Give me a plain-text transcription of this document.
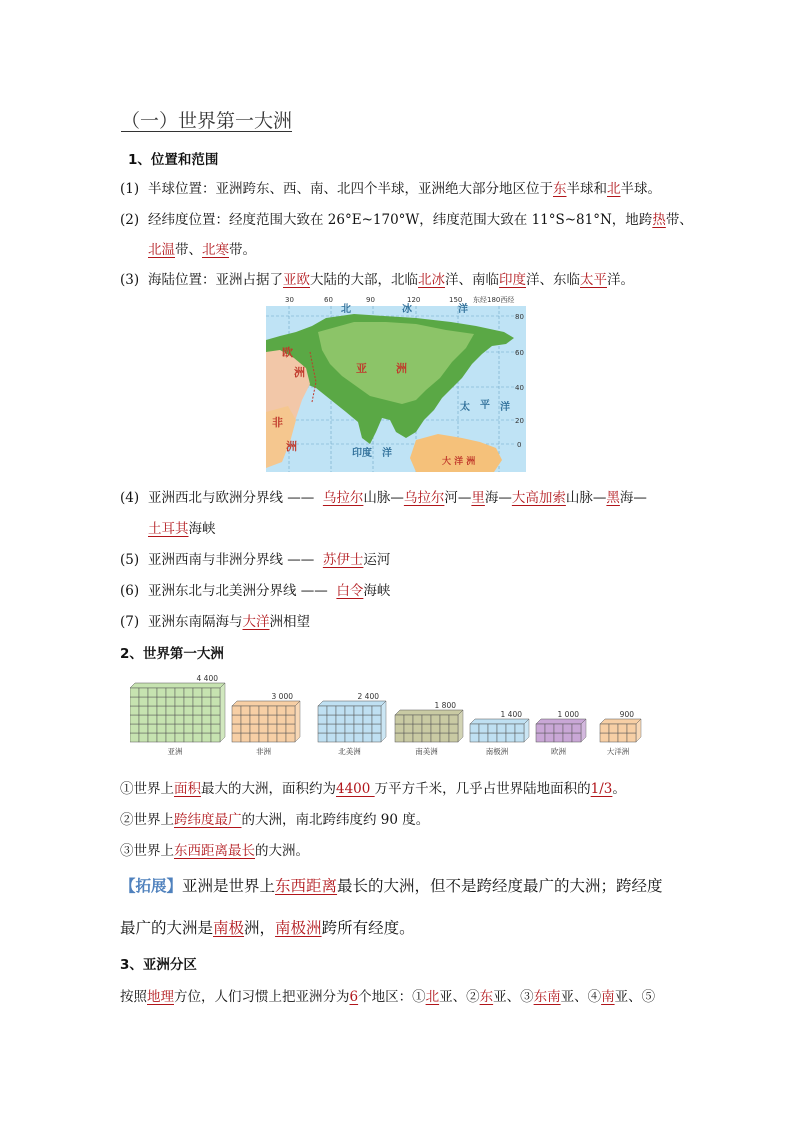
（一）世界第一大洲
1、位置和范围
(1) 半球位置：亚洲跨东、西、南、北四个半球，亚洲绝大部分地区位于东半球和北半球。
(2) 经纬度位置：经度范围大致在 26°E~170°W，纬度范围大致在 11°S~81°N，地跨热带、
北温带、北寒带。
(3) 海陆位置：亚洲占据了亚欧大陆的大部，北临北冰洋、南临印度洋、东临太平洋。
30	60	90	120	150 东经180西经
80
60
40
20
0
北	冰	洋
太 平 洋
印度 洋
亚	洲
欧
洲
非
洲
大 洋 洲
(4) 亚洲西北与欧洲分界线 —— 乌拉尔山脉—乌拉尔河—里海—大高加索山脉—黑海—
土耳其海峡
(5) 亚洲西南与非洲分界线 —— 苏伊士运河
(6) 亚洲东北与北美洲分界线 —— 白令海峡
(7) 亚洲东南隔海与大洋洲相望
2、世界第一大洲
4 400
亚洲
3 000
非洲
2 400
北美洲
1 800
南美洲
1 400
南极洲
1 000
欧洲
900
大洋洲
①世界上面积最大的大洲，面积约为4400 万平方千米，几乎占世界陆地面积的1/3。
②世界上跨纬度最广的大洲，南北跨纬度约 90 度。
③世界上东西距离最长的大洲。
【拓展】亚洲是世界上东西距离最长的大洲，但不是跨经度最广的大洲；跨经度
最广的大洲是南极洲，南极洲跨所有经度。
3、亚洲分区
按照地理方位，人们习惯上把亚洲分为6个地区：①北亚、②东亚、③东南亚、④南亚、⑤
